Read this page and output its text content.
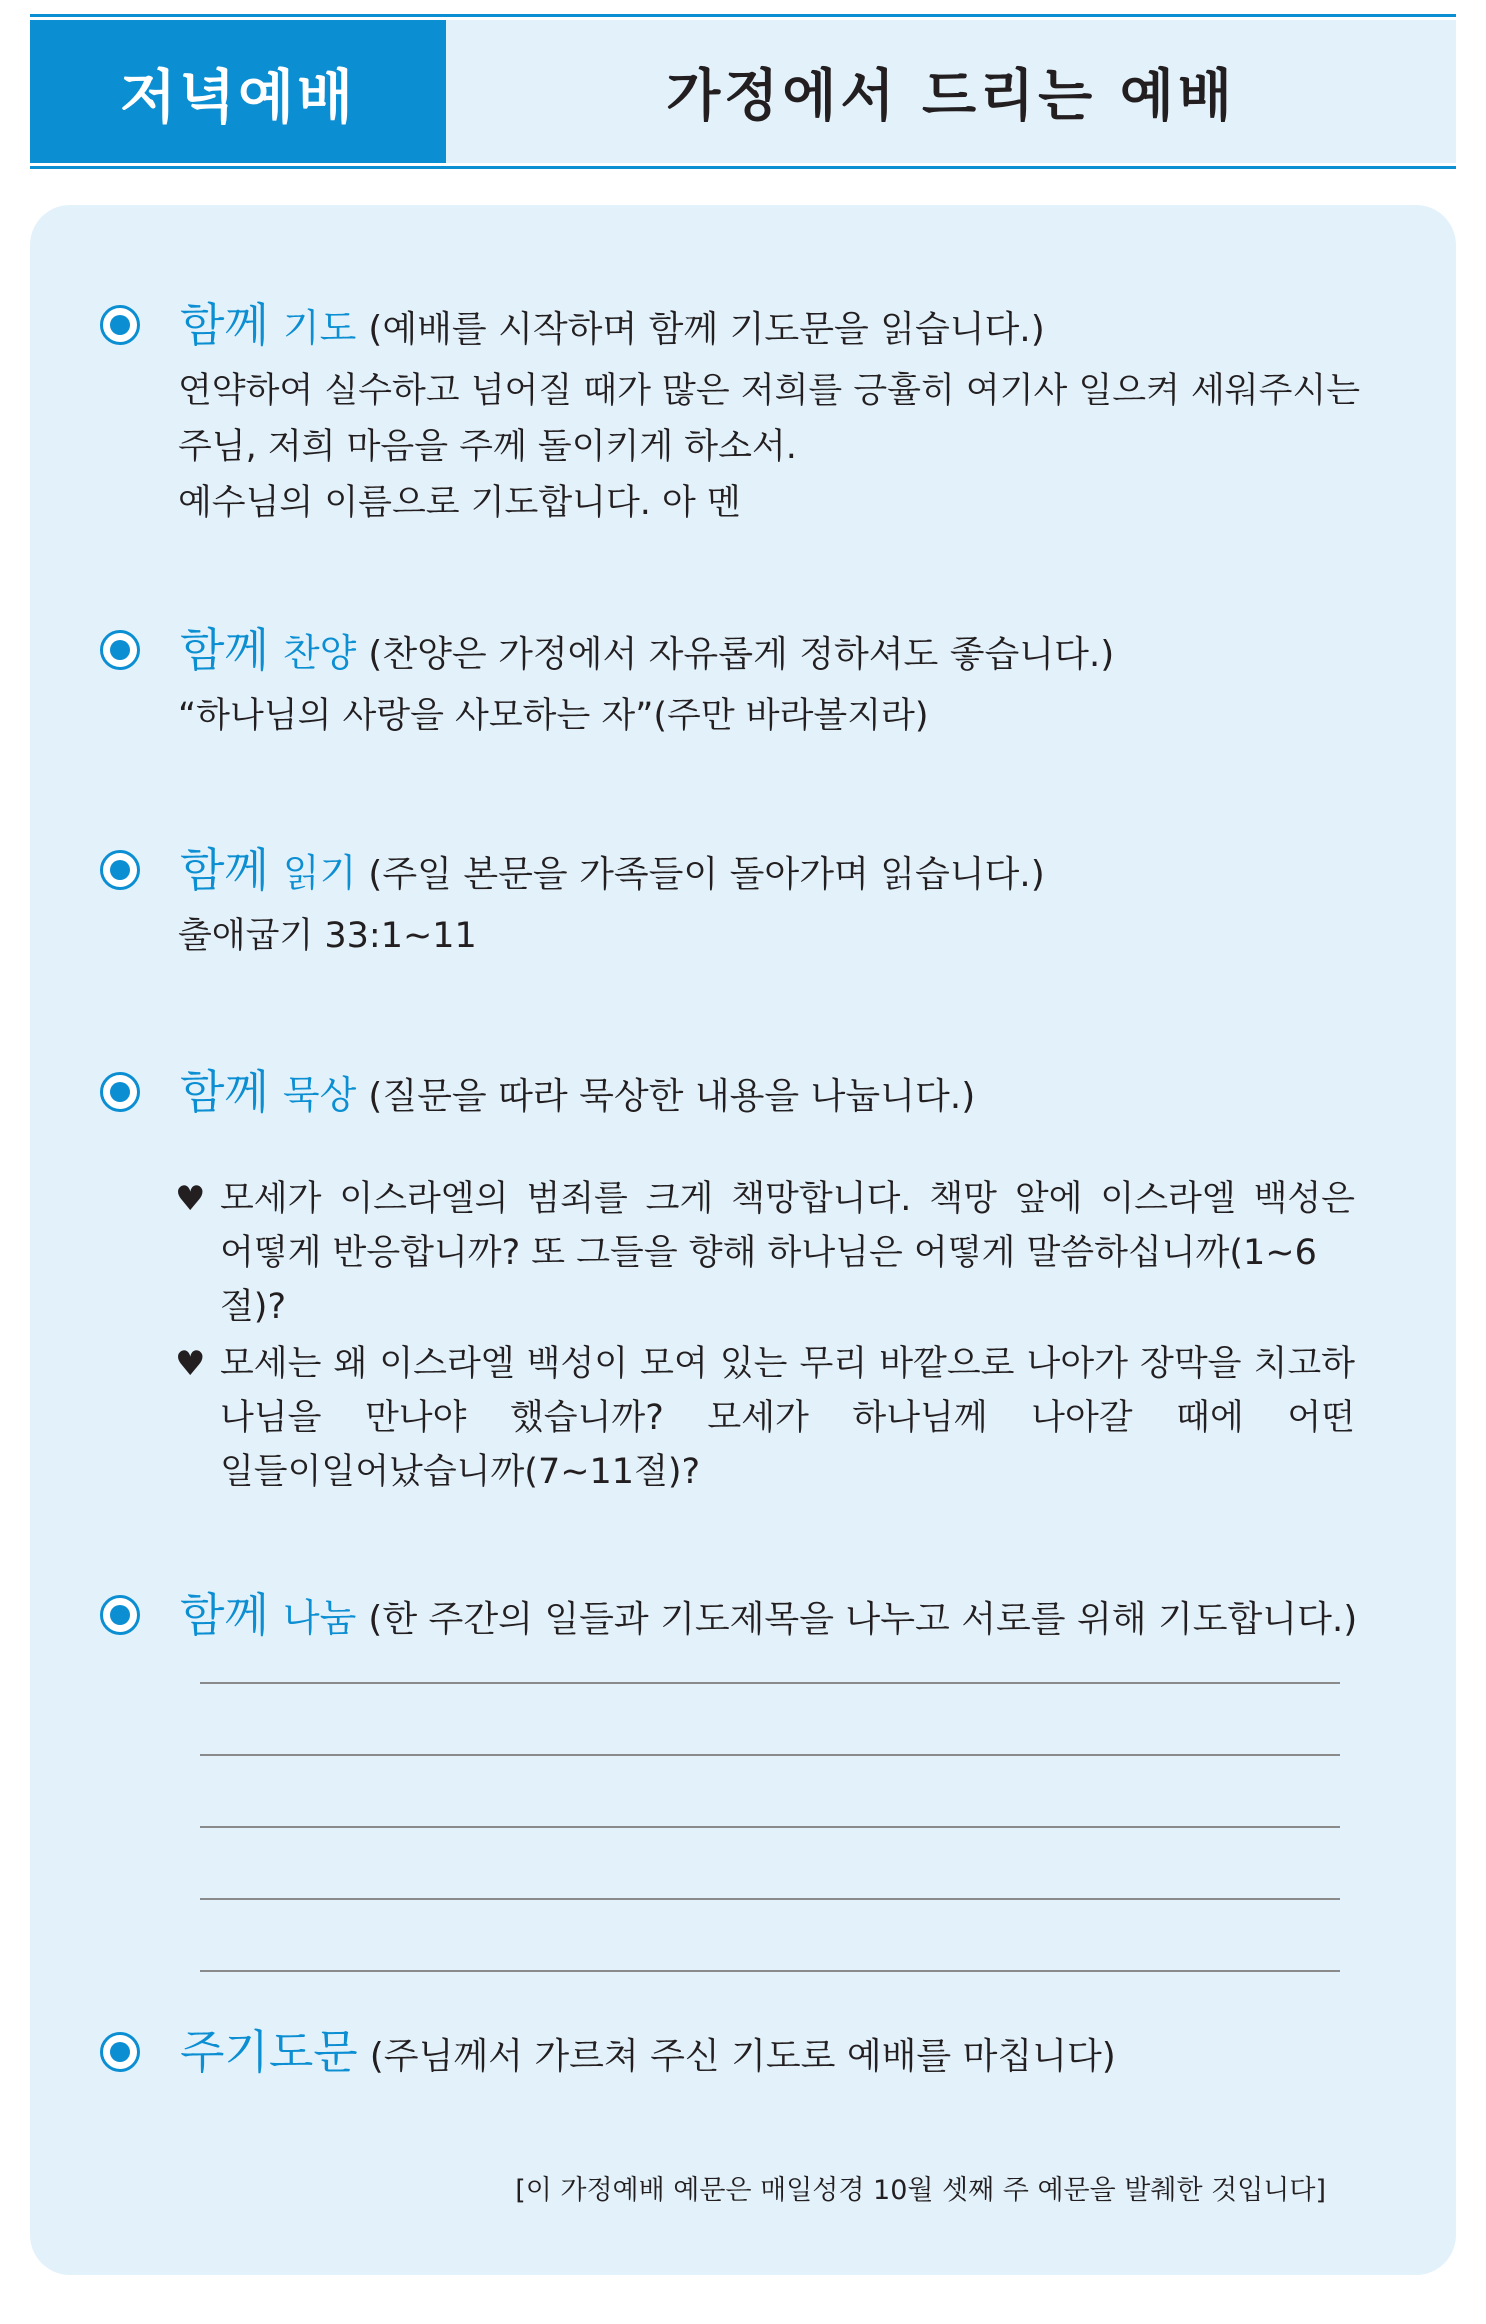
저녁예배	가정에서 드리는 예배
함께 기도 (예배를 시작하며 함께 기도문을 읽습니다.)
연약하여 실수하고 넘어질 때가 많은 저희를 긍휼히 여기사 일으켜 세워주시는
주님, 저희 마음을 주께 돌이키게 하소서.
예수님의 이름으로 기도합니다. 아 멘
함께 찬양 (찬양은 가정에서 자유롭게 정하셔도 좋습니다.)
“하나님의 사랑을 사모하는 자”(주만 바라볼지라)
함께 읽기 (주일 본문을 가족들이 돌아가며 읽습니다.)
출애굽기 33:1~11
함께 묵상 (질문을 따라 묵상한 내용을 나눕니다.)
♥ 모세가 이스라엘의 범죄를 크게 책망합니다. 책망 앞에 이스라엘 백성은
어떻게 반응합니까? 또 그들을 향해 하나님은 어떻게 말씀하십니까(1~6절)?
♥ 모세는 왜 이스라엘 백성이 모여 있는 무리 바깥으로 나아가 장막을 치고하나님을 만나야 했습니까? 모세가 하나님께 나아갈 때에 어떤
일들이일어났습니까(7~11절)?
함께 나눔 (한 주간의 일들과 기도제목을 나누고 서로를 위해 기도합니다.)
주기도문 (주님께서 가르쳐 주신 기도로 예배를 마칩니다)
[이 가정예배 예문은 매일성경 10월 셋째 주 예문을 발췌한 것입니다]
